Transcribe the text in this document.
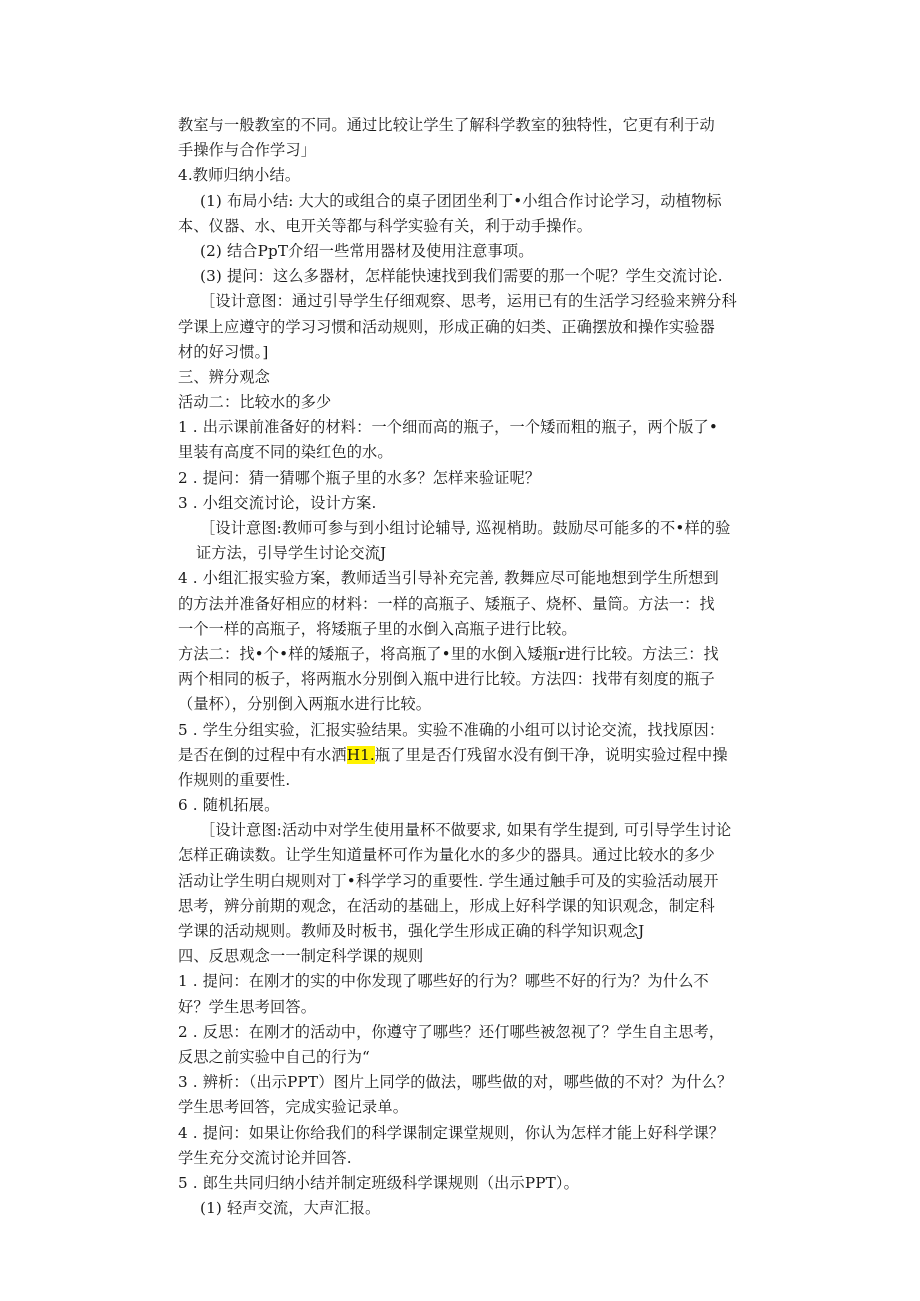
教室与一般教室的不同。通过比较让学生了解科学教室的独特性，它更有利于动
手操作与合作学习」
4.教师归纳小结。
(1) 布局小结: 大大的或组合的桌子团团坐利丁•小组合作讨论学习，动植物标
本、仪器、水、电开关等都与科学实验有关，利于动手操作。
(2) 结合PpT介绍一些常用器材及使用注意事项。
(3) 提问：这么多器材，怎样能快速找到我们需要的那一个呢？学生交流讨论.
［设计意图：通过引导学生仔细观察、思考，运用已有的生活学习经验来辨分科
学课上应遵守的学习习惯和活动规则，形成正确的妇类、正确摆放和操作实验器
材的好习惯。]
三、辨分观念
活动二：比较水的多少
1 . 出示课前准备好的材料：一个细而高的瓶子，一个矮而粗的瓶子，两个版了•
里装有高度不同的染红色的水。
2 . 提问：猜一猜哪个瓶子里的水多？怎样来验证呢？
3 . 小组交流讨论，设计方案.
［设计意图:教师可参与到小组讨论辅导, 巡视梢助。鼓励尽可能多的不•样的验
证方法，引导学生讨论交流J
4 . 小组汇报实验方案，教师适当引导补充完善, 教舞应尽可能地想到学生所想到
的方法并准备好相应的材料：一样的高瓶子、矮瓶子、烧杯、量筒。方法一：找
一个一样的高瓶子，将矮瓶子里的水倒入高瓶子进行比较。
方法二：找•个•样的矮瓶子，将高瓶了•里的水倒入矮瓶r进行比较。方法三：找
两个相同的板子，将两瓶水分别倒入瓶中进行比较。方法四：找带有刻度的瓶子
（量杯），分别倒入两瓶水进行比较。
5 . 学生分组实验，汇报实验结果。实验不准确的小组可以讨论交流，找找原因：
是否在倒的过程中有水洒H1.瓶了里是否仃残留水没有倒干净，说明实验过程中操
作规则的重要性.
6 . 随机拓展。
［设计意图:活动中对学生使用量杯不做要求, 如果有学生提到, 可引导学生讨论
怎样正确读数。让学生知道量杯可作为量化水的多少的器具。通过比较水的多少
活动让学生明白规则对丁•科学学习的重要性. 学生通过触手可及的实验活动展开
思考，辨分前期的观念，在活动的基础上，形成上好科学课的知识观念，制定科
学课的活动规则。教师及时板书，强化学生形成正确的科学知识观念J
四、反思观念一一制定科学课的规则
1 . 提问：在刚才的实的中你发现了哪些好的行为？哪些不好的行为？为什么不
好？学生思考回答。
2 . 反思：在刚才的活动中，你遵守了哪些？还仃哪些被忽视了？学生自主思考，
反思之前实验中自己的行为“
3 . 辨析：（出示PPT）图片上同学的做法，哪些做的对，哪些做的不对？为什么？
学生思考回答，完成实验记录单。
4 . 提问：如果让你给我们的科学课制定课堂规则，你认为怎样才能上好科学课？
学生充分交流讨论并回答.
5 . 郎生共同归纳小结并制定班级科学课规则（出示PPT）。
(1) 轻声交流，大声汇报。
